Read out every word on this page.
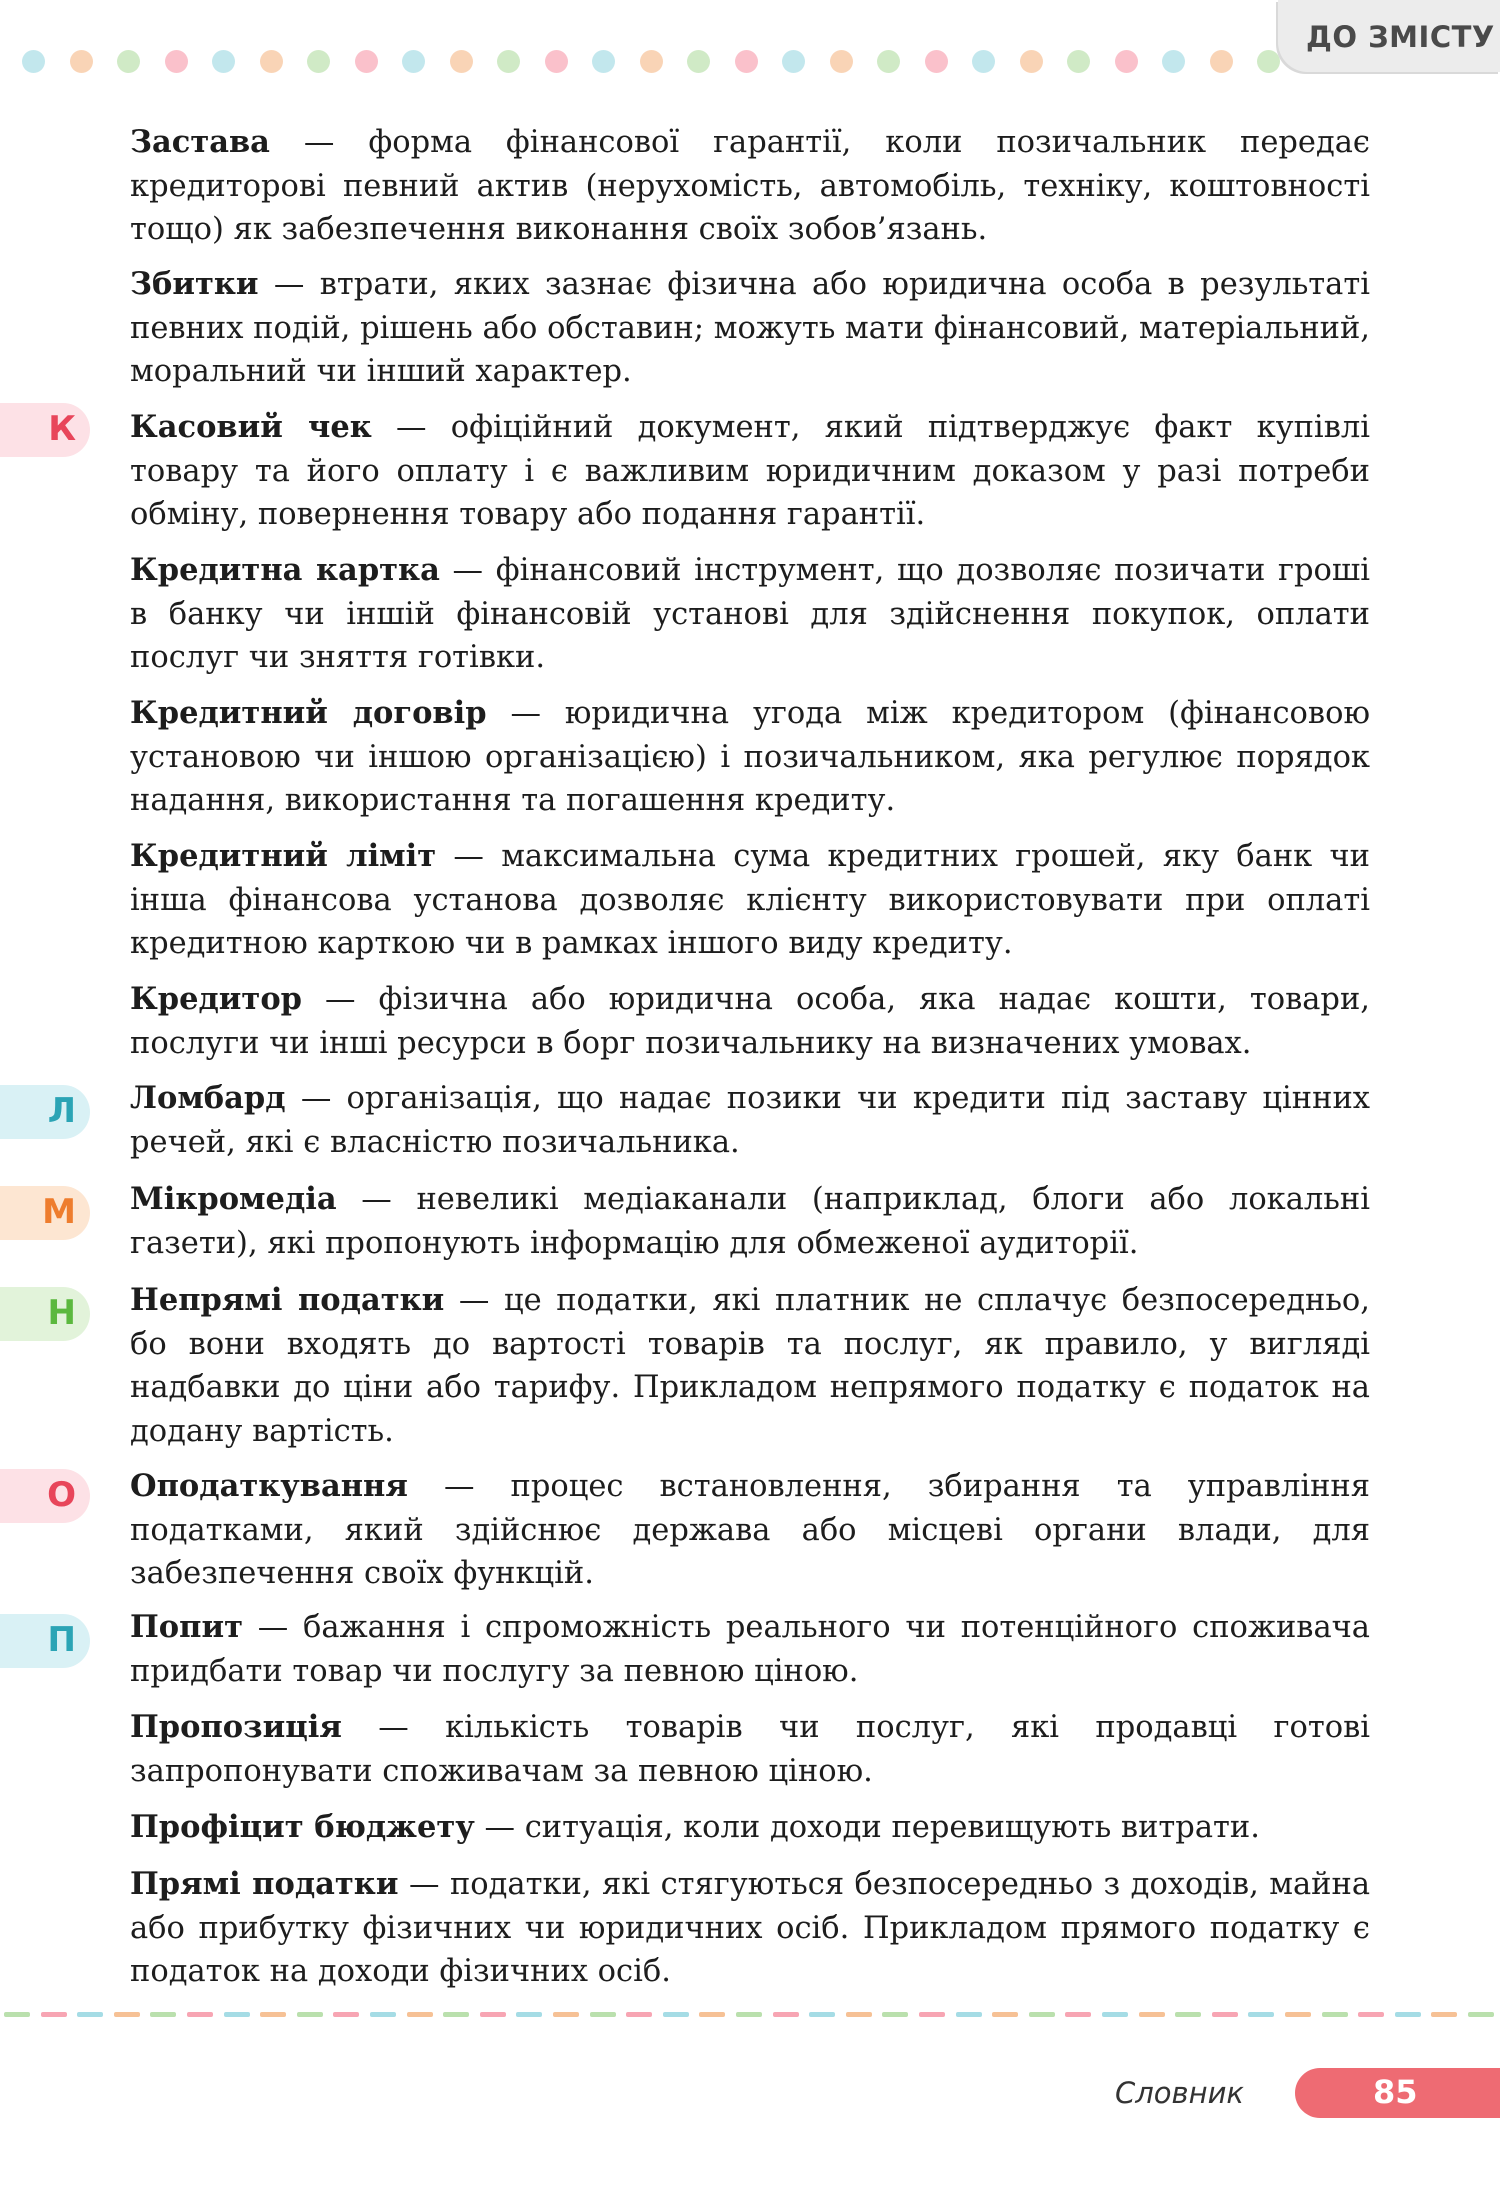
ДО ЗМІСТУ
К
Л
М
Н
О
П

Застава — форма фінансової гарантії, коли позичальник передає кредиторові певний актив (нерухомість, автомобіль, техніку, коштовності тощо) як забезпечення виконання своїх зобов’язань.

Збитки — втрати, яких зазнає фізична або юридична особа в результаті певних подій, рішень або обставин; можуть мати фінансовий, матеріальний, моральний чи інший характер.

Касовий чек — офіційний документ, який підтверджує факт купівлі товару та його оплату і є важливим юридичним доказом у разі потреби обміну, повернення товару або подання гарантії.

Кредитна картка — фінансовий інструмент, що дозволяє позичати гроші в банку чи іншій фінансовій установі для здійснення покупок, оплати послуг чи зняття готівки.

Кредитний договір — юридична угода між кредитором (фінансовою установою чи іншою організацією) і позичальником, яка регулює порядок надання, використання та погашення кредиту.

Кредитний ліміт — максимальна сума кредитних грошей, яку банк чи інша фінансова установа дозволяє клієнту використовувати при оплаті кредитною карткою чи в рамках іншого виду кредиту.

Кредитор — фізична або юридична особа, яка надає кошти, товари, послуги чи інші ресурси в борг позичальнику на визначених умовах.

Ломбард — організація, що надає позики чи кредити під заставу цінних речей, які є власністю позичальника.

Мікромедіа — невеликі медіаканали (наприклад, блоги або локальні газети), які пропонують інформацію для обмеженої аудиторії.

Непрямі податки — це податки, які платник не сплачує безпосередньо, бо вони входять до вартості товарів та послуг, як правило, у вигляді надбавки до ціни або тарифу. Прикладом непрямого податку є податок на додану вартість.

Оподаткування — процес встановлення, збирання та управління податками, який здійснює держава або місцеві органи влади, для забезпечення своїх функцій.

Попит — бажання і спроможність реального чи потенційного споживача придбати товар чи послугу за певною ціною.

Пропозиція — кількість товарів чи послуг, які продавці готові запропонувати споживачам за певною ціною.

Профіцит бюджету — ситуація, коли доходи перевищують витрати.

Прямі податки — податки, які стягуються безпосередньо з доходів, майна або прибутку фізичних чи юридичних осіб. Прикладом прямого податку є податок на доходи фізичних осіб.

Словник	85
